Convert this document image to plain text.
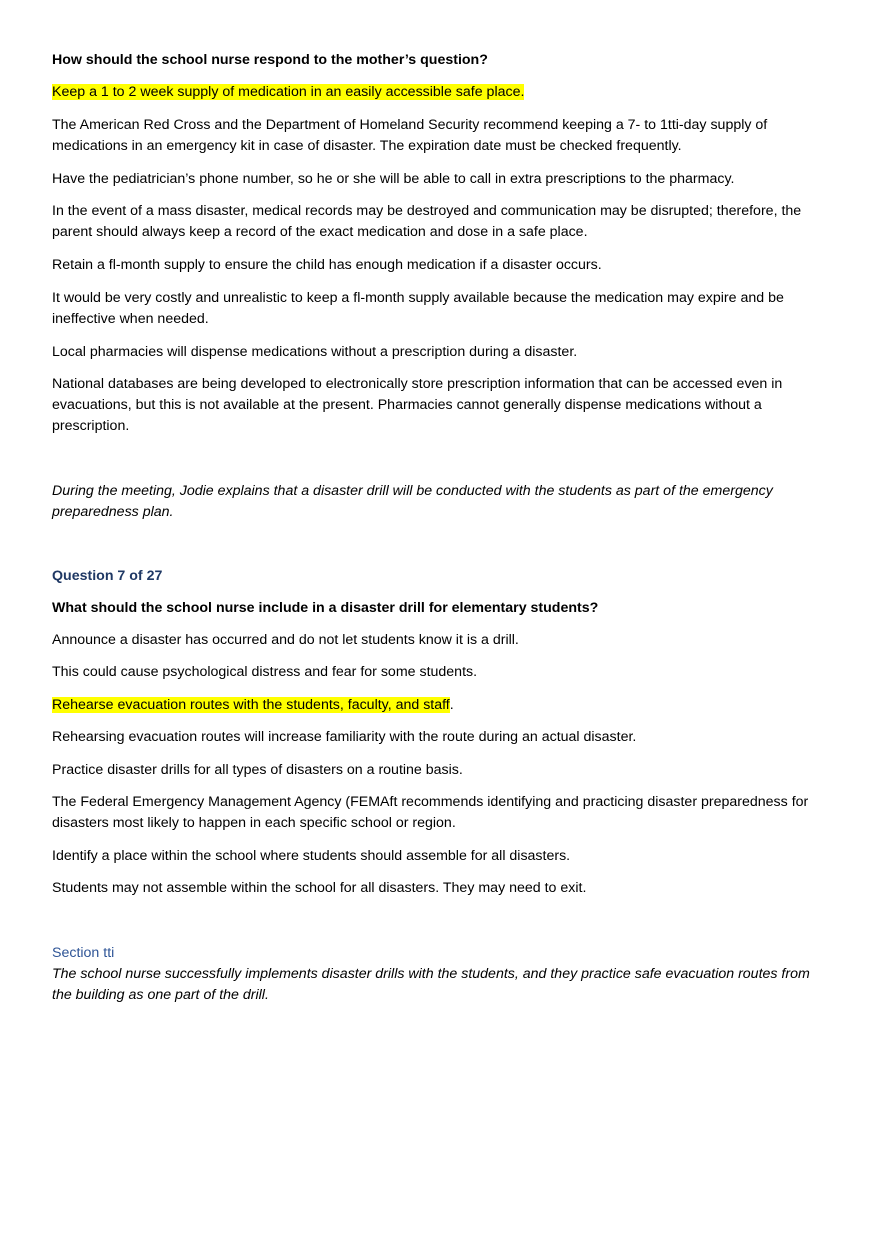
How should the school nurse respond to the mother’s question?

Keep a 1 to 2 week supply of medication in an easily accessible safe place.

The American Red Cross and the Department of Homeland Security recommend keeping a 7- to 1tti-day supply of medications in an emergency kit in case of disaster. The expiration date must be checked frequently.

Have the pediatrician’s phone number, so he or she will be able to call in extra prescriptions to the pharmacy.

In the event of a mass disaster, medical records may be destroyed and communication may be disrupted; therefore, the parent should always keep a record of the exact medication and dose in a safe place.

Retain a fl-month supply to ensure the child has enough medication if a disaster occurs.

It would be very costly and unrealistic to keep a fl-month supply available because the medication may expire and be ineffective when needed.

Local pharmacies will dispense medications without a prescription during a disaster.

National databases are being developed to electronically store prescription information that can be accessed even in evacuations, but this is not available at the present. Pharmacies cannot generally dispense medications without a prescription.

During the meeting, Jodie explains that a disaster drill will be conducted with the students as part of the emergency preparedness plan.

Question 7 of 27

What should the school nurse include in a disaster drill for elementary students?

Announce a disaster has occurred and do not let students know it is a drill.

This could cause psychological distress and fear for some students.

Rehearse evacuation routes with the students, faculty, and staff.

Rehearsing evacuation routes will increase familiarity with the route during an actual disaster.

Practice disaster drills for all types of disasters on a routine basis.

The Federal Emergency Management Agency (FEMAft recommends identifying and practicing disaster preparedness for disasters most likely to happen in each specific school or region.

Identify a place within the school where students should assemble for all disasters.

Students may not assemble within the school for all disasters. They may need to exit.

Section tti

The school nurse successfully implements disaster drills with the students, and they practice safe evacuation routes from the building as one part of the drill.
